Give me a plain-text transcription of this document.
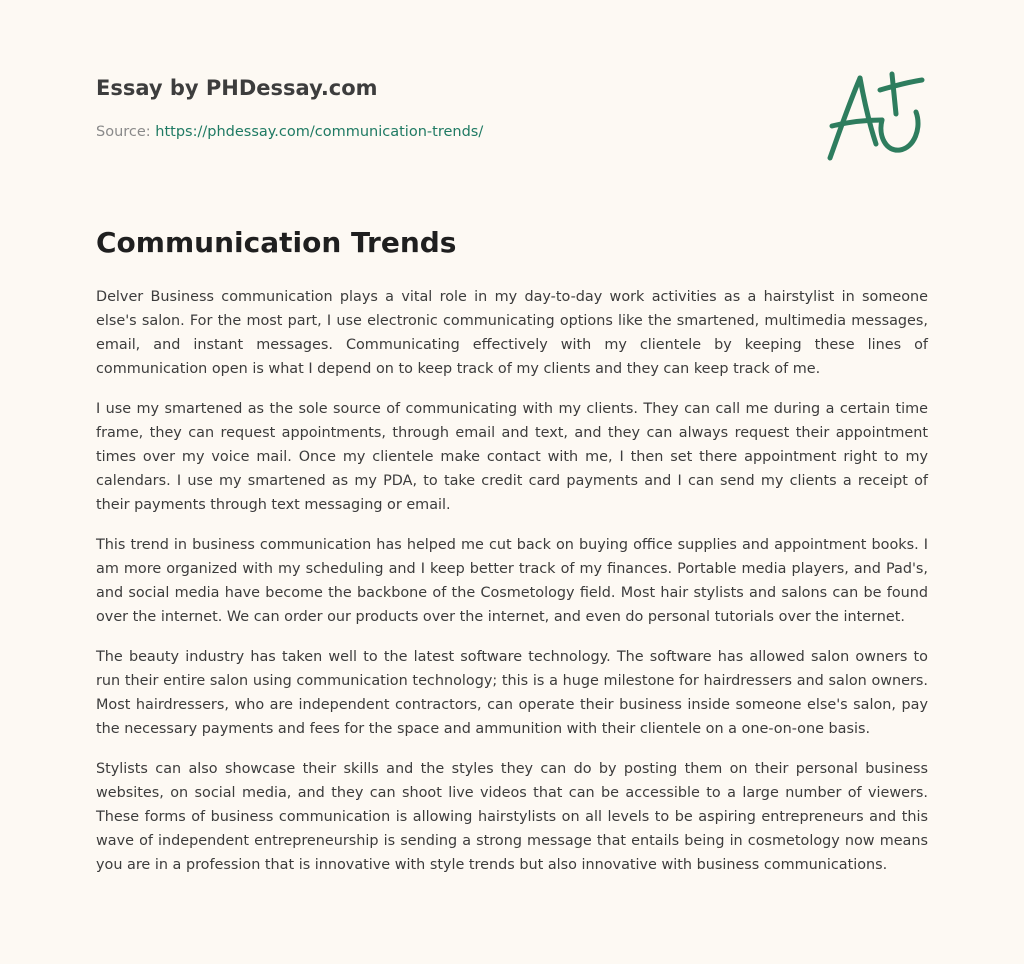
Essay by PHDessay.com
Source: https://phdessay.com/communication-trends/
Communication Trends

Delver Business communication plays a vital role in my day-to-day work activities as a hairstylist in someone else's salon. For the most part, I use electronic communicating options like the smartened, multimedia messages, email, and instant messages. Communicating effectively with my clientele by keeping these lines of communication open is what I depend on to keep track of my clients and they can keep track of me.

I use my smartened as the sole source of communicating with my clients. They can call me during a certain time frame, they can request appointments, through email and text, and they can always request their appointment times over my voice mail. Once my clientele make contact with me, I then set there appointment right to my calendars. I use my smartened as my PDA, to take credit card payments and I can send my clients a receipt of their payments through text messaging or email.

This trend in business communication has helped me cut back on buying office supplies and appointment books. I am more organized with my scheduling and I keep better track of my finances. Portable media players, and Pad's, and social media have become the backbone of the Cosmetology field. Most hair stylists and salons can be found over the internet. We can order our products over the internet, and even do personal tutorials over the internet.

The beauty industry has taken well to the latest software technology. The software has allowed salon owners to run their entire salon using communication technology; this is a huge milestone for hairdressers and salon owners. Most hairdressers, who are independent contractors, can operate their business inside someone else's salon, pay the necessary payments and fees for the space and ammunition with their clientele on a one-on-one basis.

Stylists can also showcase their skills and the styles they can do by posting them on their personal business websites, on social media, and they can shoot live videos that can be accessible to a large number of viewers. These forms of business communication is allowing hairstylists on all levels to be aspiring entrepreneurs and this wave of independent entrepreneurship is sending a strong message that entails being in cosmetology now means you are in a profession that is innovative with style trends but also innovative with business communications.
